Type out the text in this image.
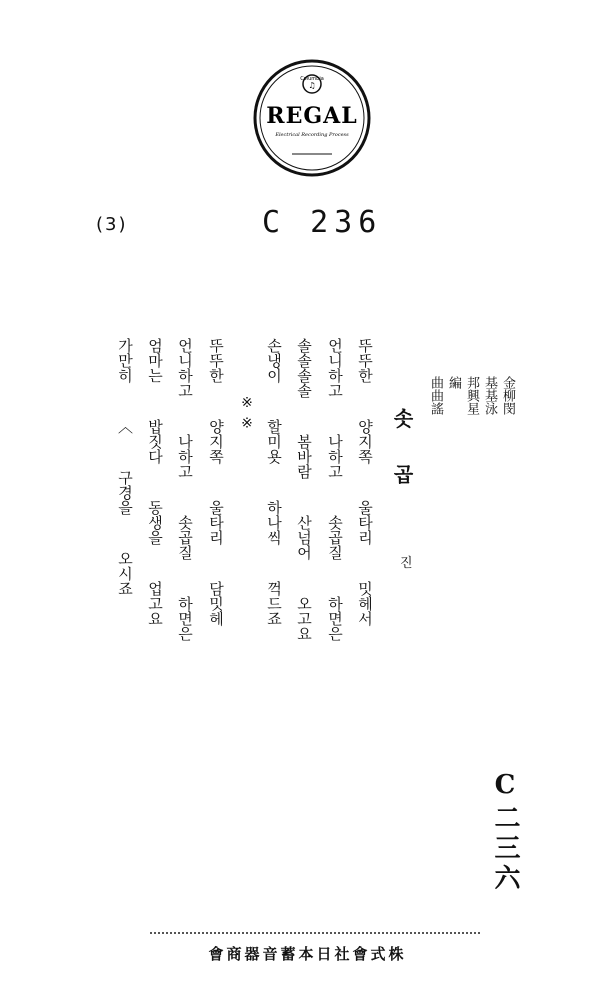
Columbia
♫
REGAL
Electrical Recording Process
(3)	C 236
金柳閔
基基泳
邦興星
編
曲曲謠
솟 곱
진
뚜뚜한  양지쪽  울타리  밋헤서
언니하고  나하고  솟곱질  하면은
솔솔솔솔  봄바람  산넘어  오고요
손냉이  할미욧  하나씩  꺽드죠
※ ※
뚜뚜한  양지쪽  울타리  담밋헤
언니하고  나하고  솟곱질  하면은
엄마는  밥짓다  동생을  업고요
가만히  〈  구경을  오시죠
C二三六
會商器音蓄本日社會式株
